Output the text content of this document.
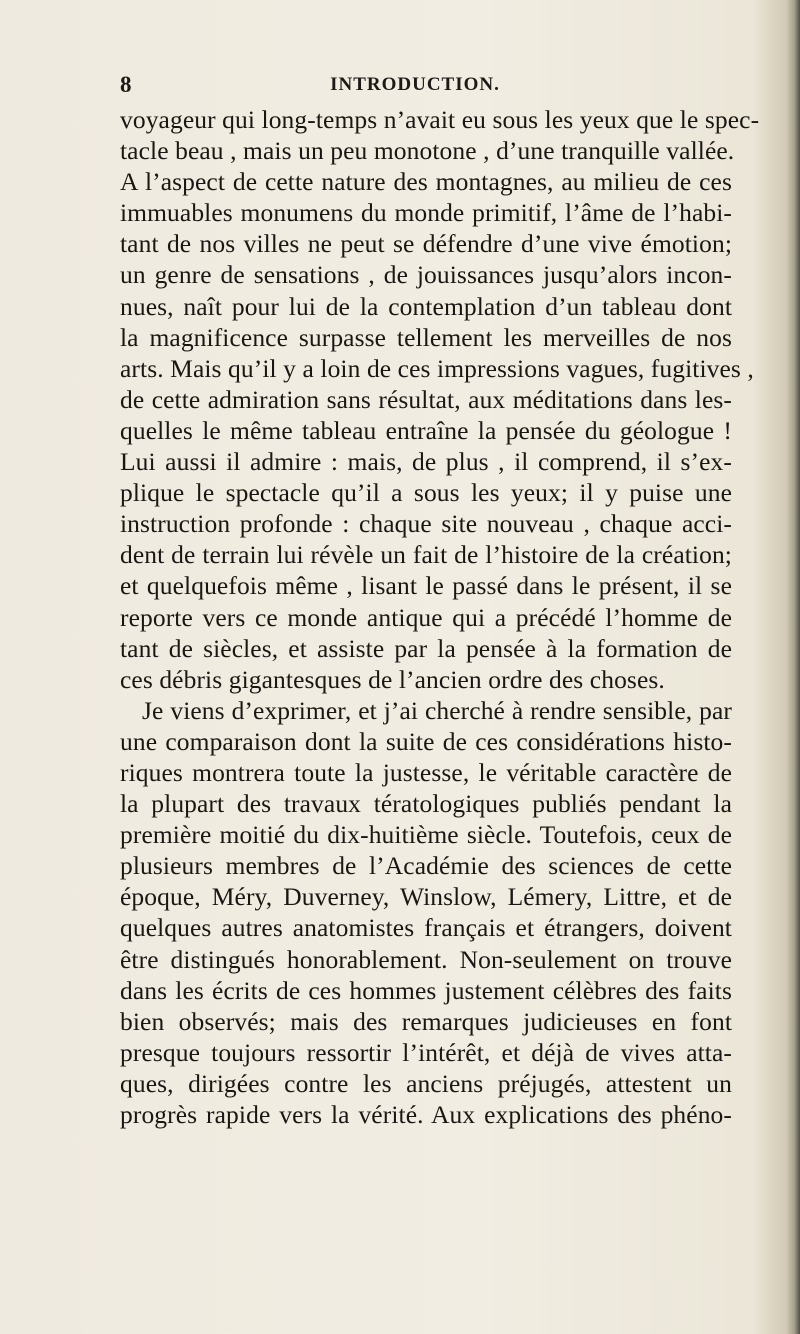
8	INTRODUCTION.
voyageur qui long-temps n’avait eu sous les yeux que le spec-
tacle beau , mais un peu monotone , d’une tranquille vallée.
A l’aspect de cette nature des montagnes, au milieu de ces
immuables monumens du monde primitif, l’âme de l’habi-
tant de nos villes ne peut se défendre d’une vive émotion;
un genre de sensations , de jouissances jusqu’alors incon-
nues, naît pour lui de la contemplation d’un tableau dont
la magnificence surpasse tellement les merveilles de nos
arts. Mais qu’il y a loin de ces impressions vagues, fugitives ,
de cette admiration sans résultat, aux méditations dans les-
quelles le même tableau entraîne la pensée du géologue !
Lui aussi il admire : mais, de plus , il comprend, il s’ex-
plique le spectacle qu’il a sous les yeux; il y puise une
instruction profonde : chaque site nouveau , chaque acci-
dent de terrain lui révèle un fait de l’histoire de la création;
et quelquefois même , lisant le passé dans le présent, il se
reporte vers ce monde antique qui a précédé l’homme de
tant de siècles, et assiste par la pensée à la formation de
ces débris gigantesques de l’ancien ordre des choses.
Je viens d’exprimer, et j’ai cherché à rendre sensible, par
une comparaison dont la suite de ces considérations histo-
riques montrera toute la justesse, le véritable caractère de
la plupart des travaux tératologiques publiés pendant la
première moitié du dix-huitième siècle. Toutefois, ceux de
plusieurs membres de l’Académie des sciences de cette
époque, Méry, Duverney, Winslow, Lémery, Littre, et de
quelques autres anatomistes français et étrangers, doivent
être distingués honorablement. Non-seulement on trouve
dans les écrits de ces hommes justement célèbres des faits
bien observés; mais des remarques judicieuses en font
presque toujours ressortir l’intérêt, et déjà de vives atta-
ques, dirigées contre les anciens préjugés, attestent un
progrès rapide vers la vérité. Aux explications des phéno-
